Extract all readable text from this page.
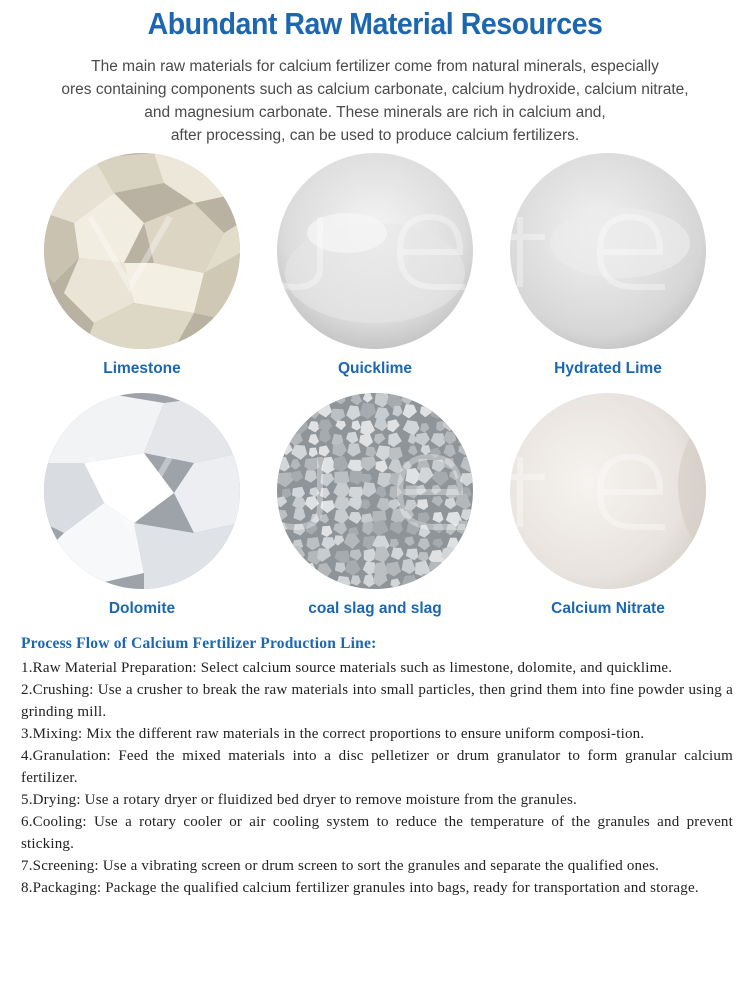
Abundant Raw Material Resources
The main raw materials for calcium fertilizer come from natural minerals, especially
ores containing components such as calcium carbonate, calcium hydroxide, calcium nitrate,
and magnesium carbonate. These minerals are rich in calcium and,
after processing, can be used to produce calcium fertilizers.
Limestone	Quicklime	Hydrated Lime
Dolomite	coal slag and slag	Calcium Nitrate
Process Flow of Calcium Fertilizer Production Line:
1.Raw Material Preparation: Select calcium source materials such as limestone, dolomite, and quicklime.
2.Crushing: Use a crusher to break the raw materials into small particles, then grind them into fine powder using a grinding mill.
3.Mixing: Mix the different raw materials in the correct proportions to ensure uniform composi-tion.
4.Granulation: Feed the mixed materials into a disc pelletizer or drum granulator to form granular calcium fertilizer.
5.Drying: Use a rotary dryer or fluidized bed dryer to remove moisture from the granules.
6.Cooling: Use a rotary cooler or air cooling system to reduce the temperature of the granules and prevent sticking.
7.Screening: Use a vibrating screen or drum screen to sort the granules and separate the qualified ones.
8.Packaging: Package the qualified calcium fertilizer granules into bags, ready for transportation and storage.
